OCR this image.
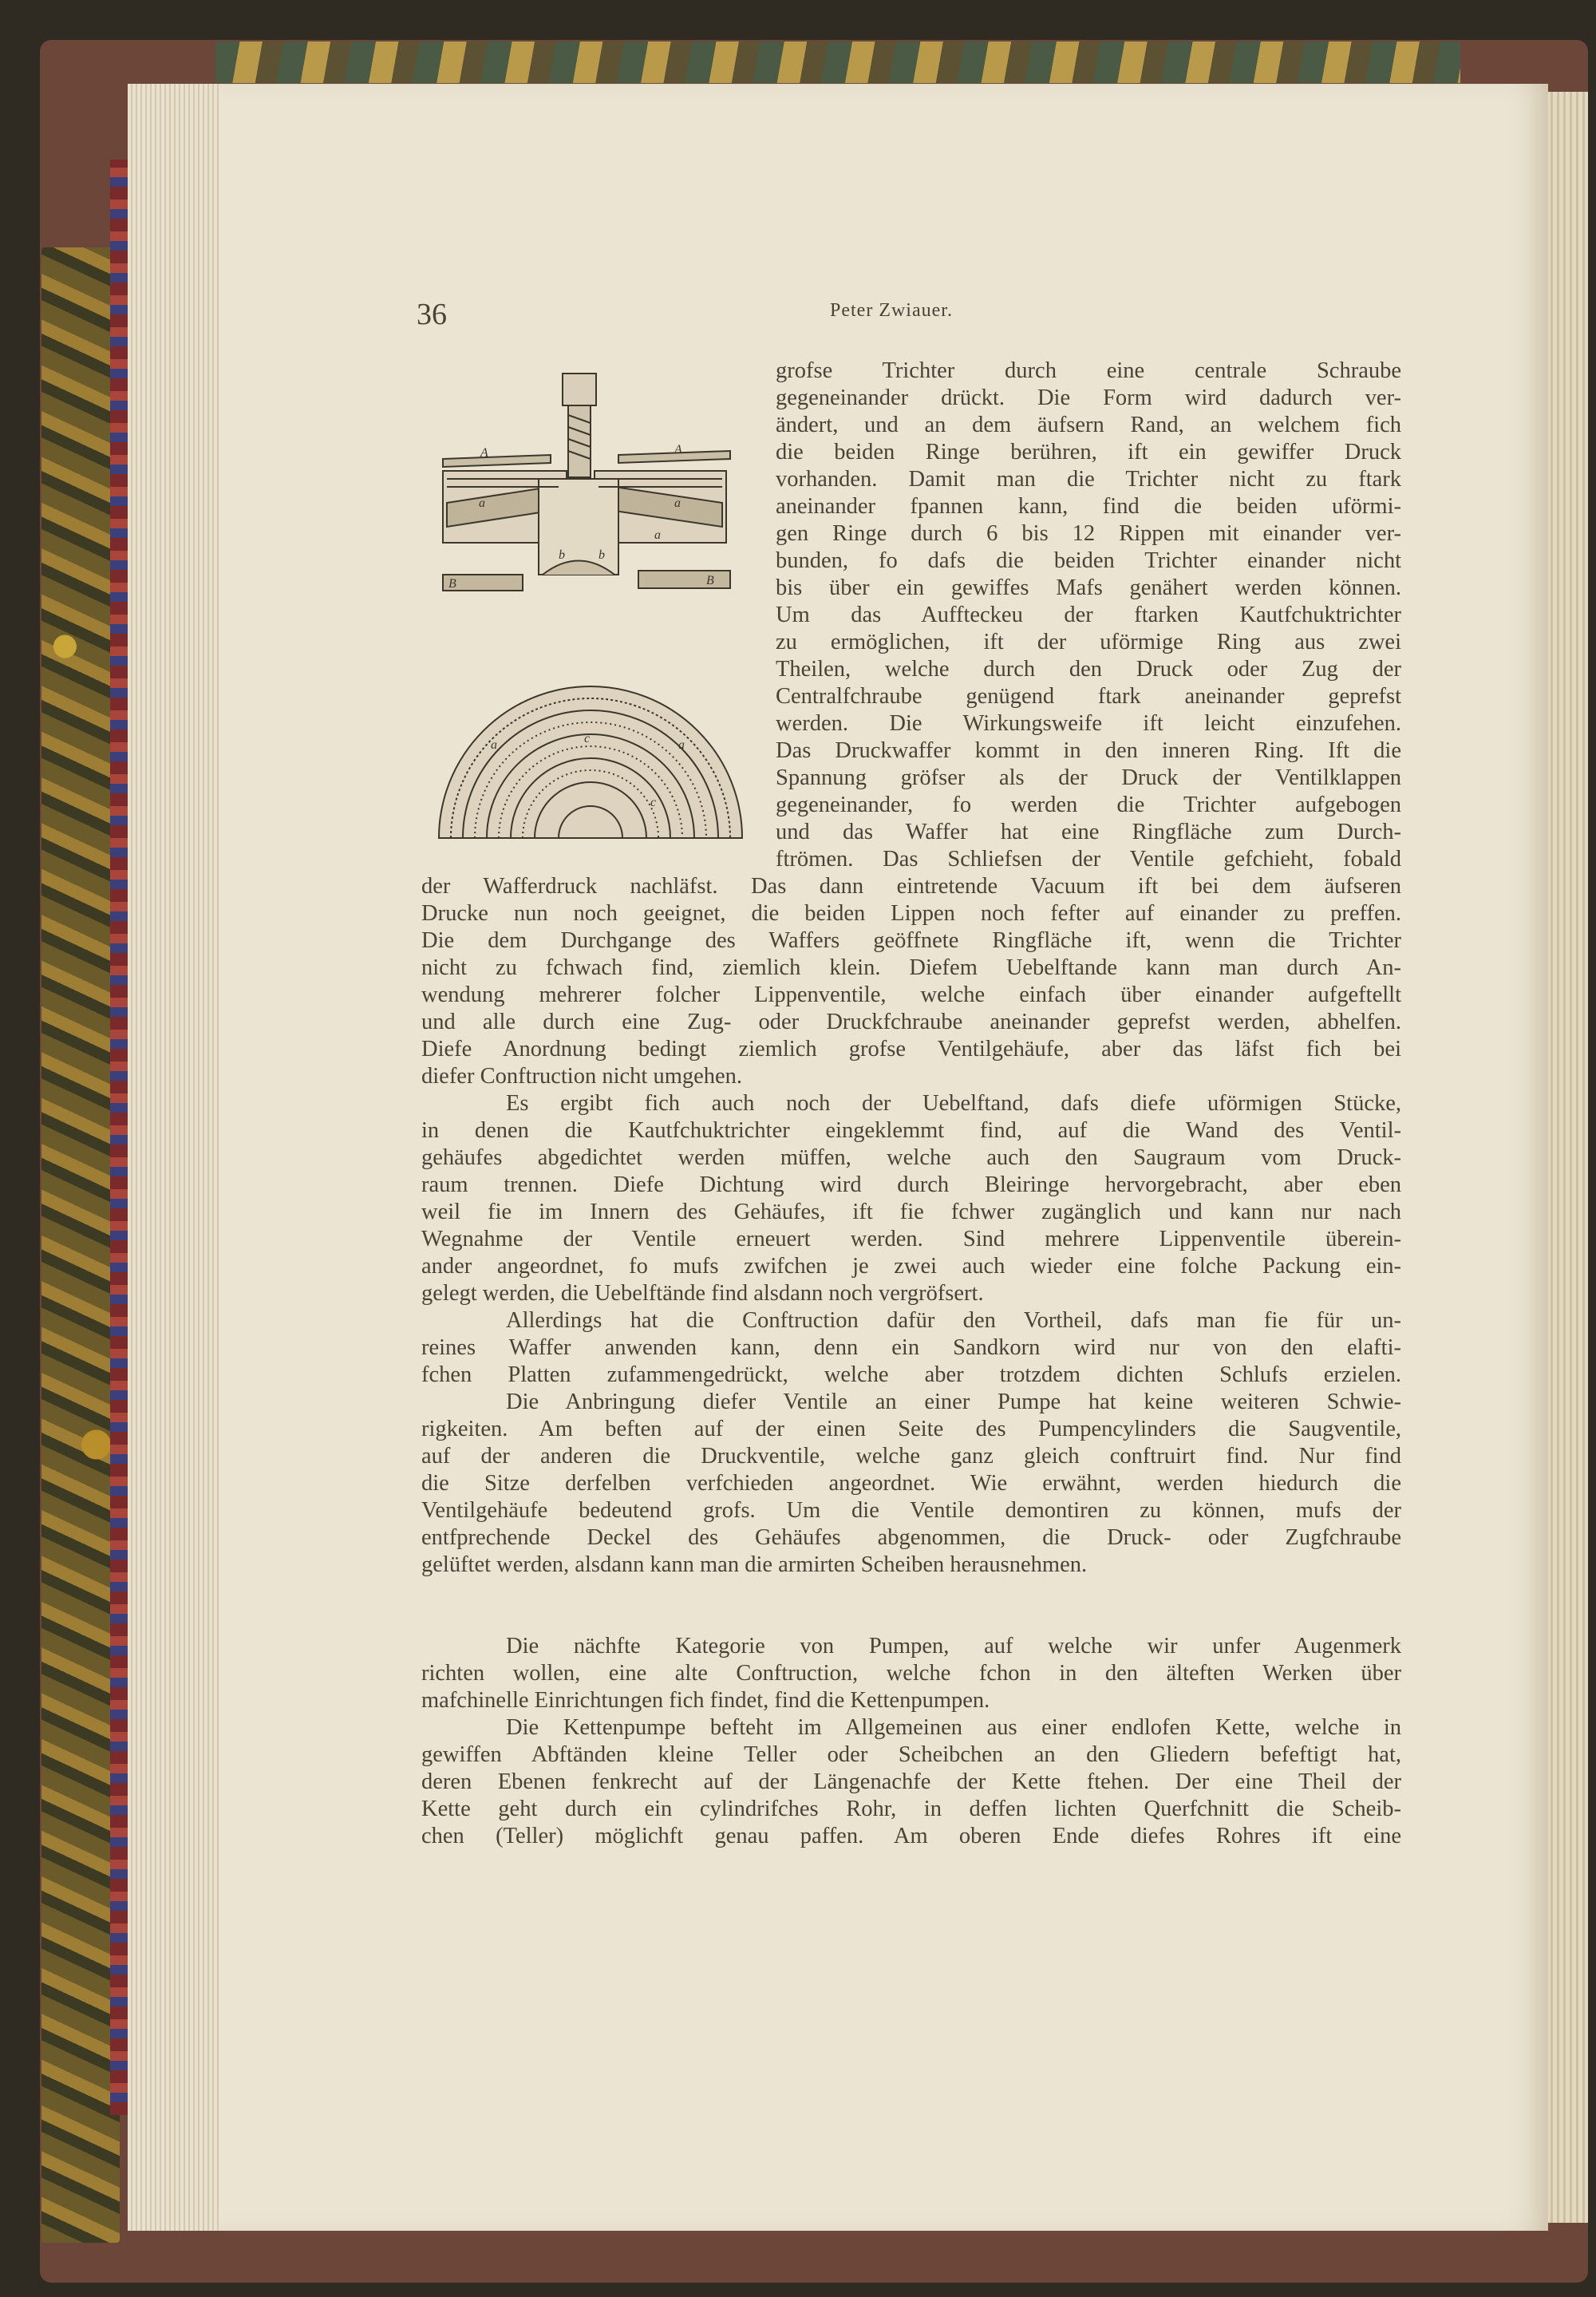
36	Peter Zwiauer.
A	A
a	a
a
B	B
a	c
c
a
b	b
grofse Trichter durch eine centrale Schraube
gegeneinander drückt. Die Form wird dadurch ver-
ändert, und an dem äufsern Rand, an welchem fich
die beiden Ringe berühren, ift ein gewiffer Druck
vorhanden. Damit man die Trichter nicht zu ftark
aneinander fpannen kann, find die beiden uförmi-
gen Ringe durch 6 bis 12 Rippen mit einander ver-
bunden, fo dafs die beiden Trichter einander nicht
bis über ein gewiffes Mafs genähert werden können.
Um das Auffteckeu der ftarken Kautfchuktrichter
zu ermöglichen, ift der uförmige Ring aus zwei
Theilen, welche durch den Druck oder Zug der
Centralfchraube genügend ftark aneinander geprefst
werden. Die Wirkungsweife ift leicht einzufehen.
Das Druckwaffer kommt in den inneren Ring. Ift die
Spannung gröfser als der Druck der Ventilklappen
gegeneinander, fo werden die Trichter aufgebogen
und das Waffer hat eine Ringfläche zum Durch-
ftrömen. Das Schliefsen der Ventile gefchieht, fobald
der Wafferdruck nachläfst. Das dann eintretende Vacuum ift bei dem äufseren
Drucke nun noch geeignet, die beiden Lippen noch fefter auf einander zu preffen.
Die dem Durchgange des Waffers geöffnete Ringfläche ift, wenn die Trichter
nicht zu fchwach find, ziemlich klein. Diefem Uebelftande kann man durch An-
wendung mehrerer folcher Lippenventile, welche einfach über einander aufgeftellt
und alle durch eine Zug- oder Druckfchraube aneinander geprefst werden, abhelfen.
Diefe Anordnung bedingt ziemlich grofse Ventilgehäufe, aber das läfst fich bei
diefer Conftruction nicht umgehen.
Es ergibt fich auch noch der Uebelftand, dafs diefe uförmigen Stücke,
in denen die Kautfchuktrichter eingeklemmt find, auf die Wand des Ventil-
gehäufes abgedichtet werden müffen, welche auch den Saugraum vom Druck-
raum trennen. Diefe Dichtung wird durch Bleiringe hervorgebracht, aber eben
weil fie im Innern des Gehäufes, ift fie fchwer zugänglich und kann nur nach
Wegnahme der Ventile erneuert werden. Sind mehrere Lippenventile überein-
ander angeordnet, fo mufs zwifchen je zwei auch wieder eine folche Packung ein-
gelegt werden, die Uebelftände find alsdann noch vergröfsert.
Allerdings hat die Conftruction dafür den Vortheil, dafs man fie für un-
reines Waffer anwenden kann, denn ein Sandkorn wird nur von den elafti-
fchen Platten zufammengedrückt, welche aber trotzdem dichten Schlufs erzielen.
Die Anbringung diefer Ventile an einer Pumpe hat keine weiteren Schwie-
rigkeiten. Am beften auf der einen Seite des Pumpencylinders die Saugventile,
auf der anderen die Druckventile, welche ganz gleich conftruirt find. Nur find
die Sitze derfelben verfchieden angeordnet. Wie erwähnt, werden hiedurch die
Ventilgehäufe bedeutend grofs. Um die Ventile demontiren zu können, mufs der
entfprechende Deckel des Gehäufes abgenommen, die Druck- oder Zugfchraube
gelüftet werden, alsdann kann man die armirten Scheiben herausnehmen.
Die nächfte Kategorie von Pumpen, auf welche wir unfer Augenmerk
richten wollen, eine alte Conftruction, welche fchon in den älteften Werken über
mafchinelle Einrichtungen fich findet, find die Kettenpumpen.
Die Kettenpumpe befteht im Allgemeinen aus einer endlofen Kette, welche in
gewiffen Abftänden kleine Teller oder Scheibchen an den Gliedern befeftigt hat,
deren Ebenen fenkrecht auf der Längenachfe der Kette ftehen. Der eine Theil der
Kette geht durch ein cylindrifches Rohr, in deffen lichten Querfchnitt die Scheib-
chen (Teller) möglichft genau paffen. Am oberen Ende diefes Rohres ift eine
